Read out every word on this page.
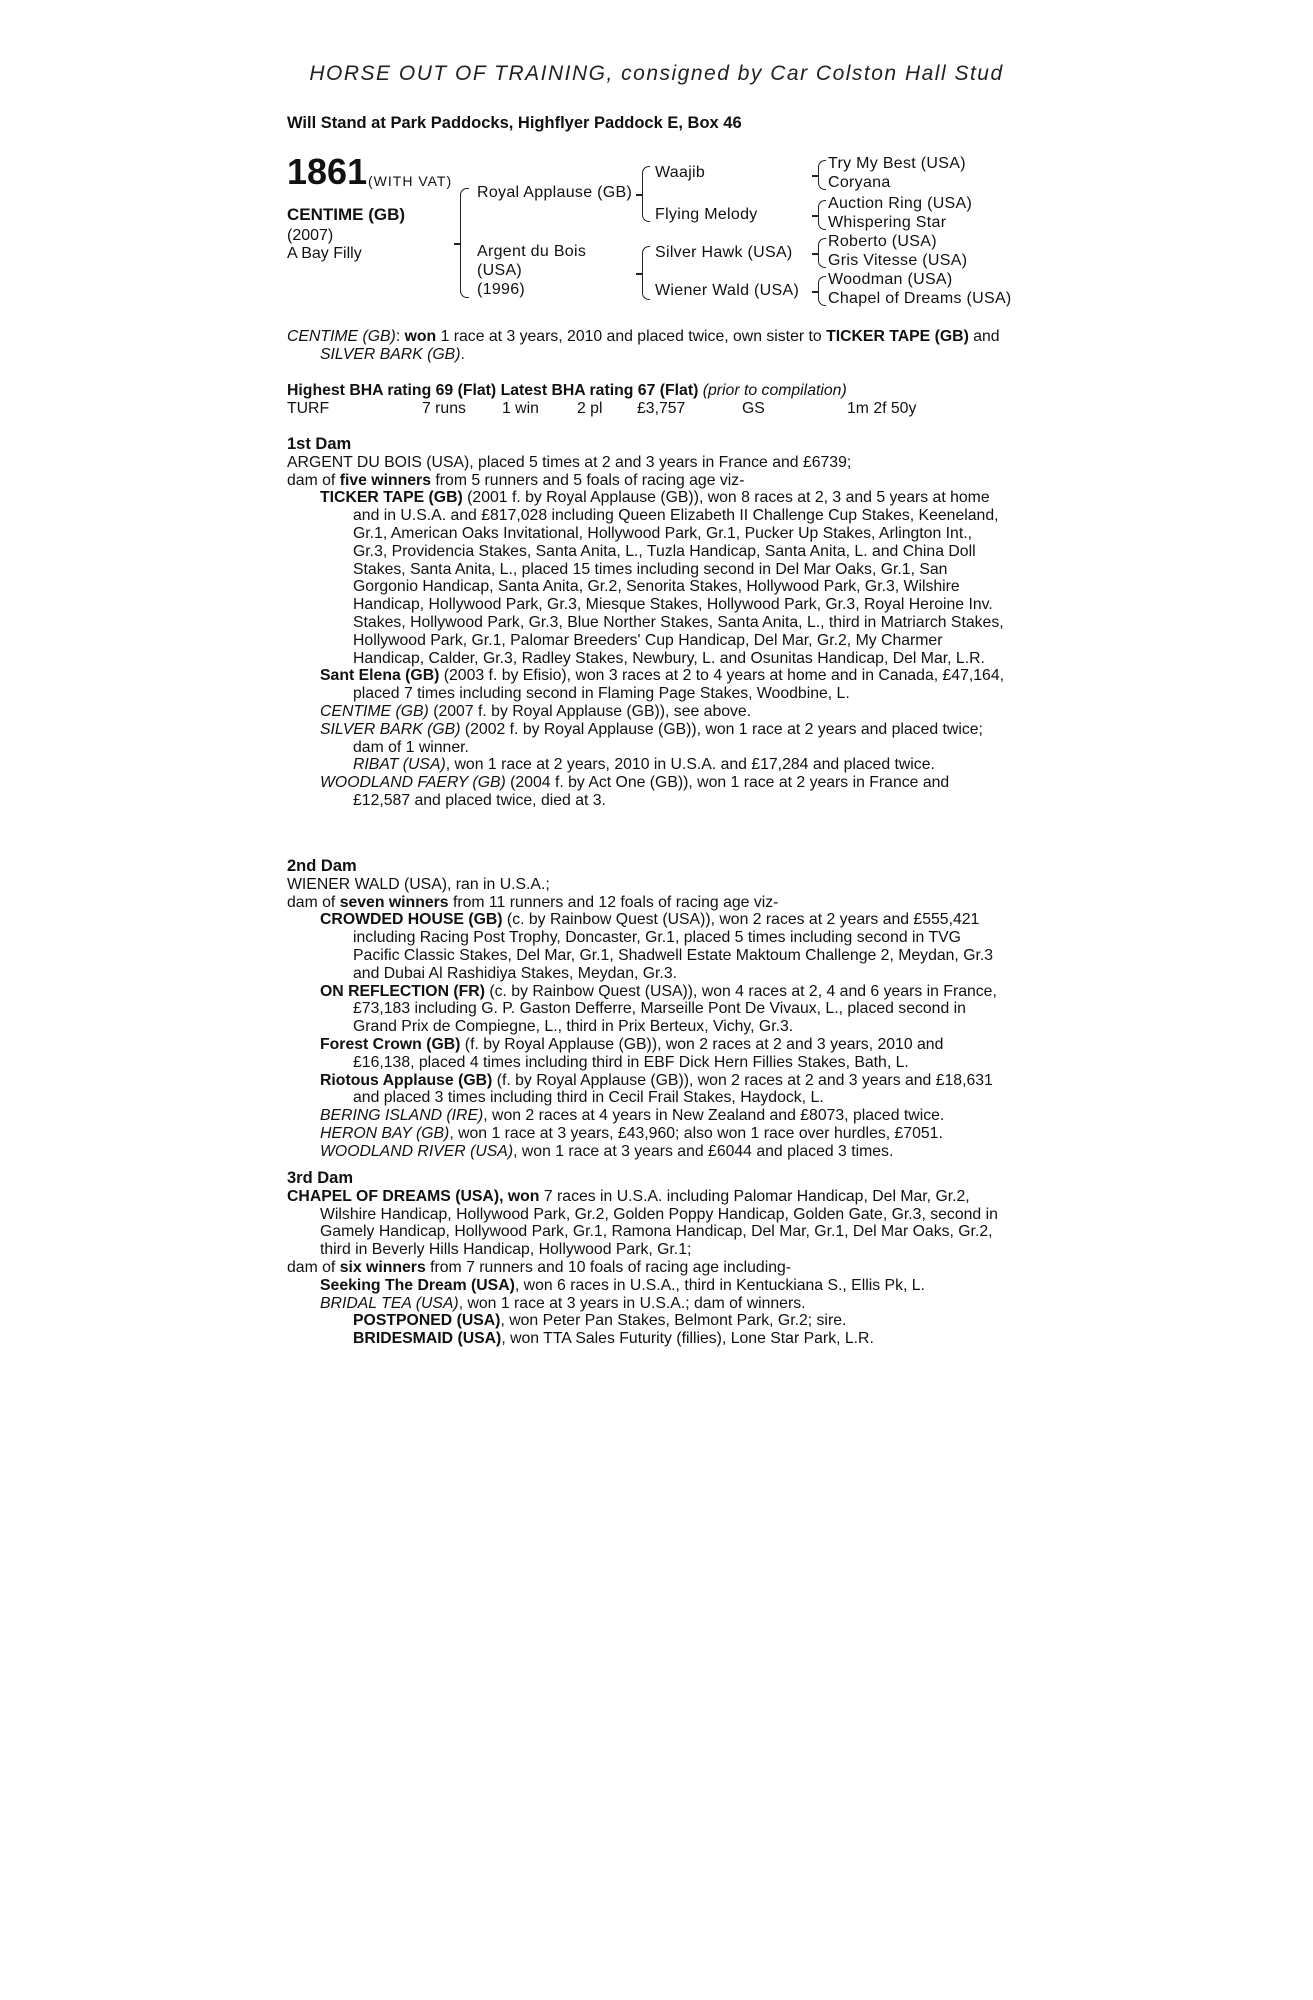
HORSE OUT OF TRAINING, consigned by Car Colston Hall Stud
Will Stand at Park Paddocks, Highflyer Paddock E, Box 46
1861 (WITH VAT)
CENTIME (GB)
(2007)
A Bay Filly
Royal Applause (GB)
Argent du Bois
(USA)
(1996)
Waajib
Flying Melody
Silver Hawk (USA)
Wiener Wald (USA)
Try My Best (USA)
Coryana
Auction Ring (USA)
Whispering Star
Roberto (USA)
Gris Vitesse (USA)
Woodman (USA)
Chapel of Dreams (USA)

CENTIME (GB): won 1 race at 3 years, 2010 and placed twice, own sister to TICKER TAPE (GB) and SILVER BARK (GB).

Highest BHA rating 69 (Flat) Latest BHA rating 67 (Flat) (prior to compilation)

TURF	7 runs	1 win	2 pl	£3,757	GS	1m 2f 50y

1st Dam

ARGENT DU BOIS (USA), placed 5 times at 2 and 3 years in France and £6739;

dam of five winners from 5 runners and 5 foals of racing age viz-

TICKER TAPE (GB) (2001 f. by Royal Applause (GB)), won 8 races at 2, 3 and 5 years at home and in U.S.A. and £817,028 including Queen Elizabeth II Challenge Cup Stakes, Keeneland, Gr.1, American Oaks Invitational, Hollywood Park, Gr.1, Pucker Up Stakes, Arlington Int., Gr.3, Providencia Stakes, Santa Anita, L., Tuzla Handicap, Santa Anita, L. and China Doll Stakes, Santa Anita, L., placed 15 times including second in Del Mar Oaks, Gr.1, San Gorgonio Handicap, Santa Anita, Gr.2, Senorita Stakes, Hollywood Park, Gr.3, Wilshire Handicap, Hollywood Park, Gr.3, Miesque Stakes, Hollywood Park, Gr.3, Royal Heroine Inv. Stakes, Hollywood Park, Gr.3, Blue Norther Stakes, Santa Anita, L., third in Matriarch Stakes, Hollywood Park, Gr.1, Palomar Breeders' Cup Handicap, Del Mar, Gr.2, My Charmer Handicap, Calder, Gr.3, Radley Stakes, Newbury, L. and Osunitas Handicap, Del Mar, L.R.

Sant Elena (GB) (2003 f. by Efisio), won 3 races at 2 to 4 years at home and in Canada, £47,164, placed 7 times including second in Flaming Page Stakes, Woodbine, L.

CENTIME (GB) (2007 f. by Royal Applause (GB)), see above.

SILVER BARK (GB) (2002 f. by Royal Applause (GB)), won 1 race at 2 years and placed twice; dam of 1 winner.

RIBAT (USA), won 1 race at 2 years, 2010 in U.S.A. and £17,284 and placed twice.

WOODLAND FAERY (GB) (2004 f. by Act One (GB)), won 1 race at 2 years in France and £12,587 and placed twice, died at 3.

2nd Dam

WIENER WALD (USA), ran in U.S.A.;

dam of seven winners from 11 runners and 12 foals of racing age viz-

CROWDED HOUSE (GB) (c. by Rainbow Quest (USA)), won 2 races at 2 years and £555,421 including Racing Post Trophy, Doncaster, Gr.1, placed 5 times including second in TVG Pacific Classic Stakes, Del Mar, Gr.1, Shadwell Estate Maktoum Challenge 2, Meydan, Gr.3 and Dubai Al Rashidiya Stakes, Meydan, Gr.3.

ON REFLECTION (FR) (c. by Rainbow Quest (USA)), won 4 races at 2, 4 and 6 years in France, £73,183 including G. P. Gaston Defferre, Marseille Pont De Vivaux, L., placed second in Grand Prix de Compiegne, L., third in Prix Berteux, Vichy, Gr.3.

Forest Crown (GB) (f. by Royal Applause (GB)), won 2 races at 2 and 3 years, 2010 and £16,138, placed 4 times including third in EBF Dick Hern Fillies Stakes, Bath, L.

Riotous Applause (GB) (f. by Royal Applause (GB)), won 2 races at 2 and 3 years and £18,631 and placed 3 times including third in Cecil Frail Stakes, Haydock, L.

BERING ISLAND (IRE), won 2 races at 4 years in New Zealand and £8073, placed twice.

HERON BAY (GB), won 1 race at 3 years, £43,960; also won 1 race over hurdles, £7051.

WOODLAND RIVER (USA), won 1 race at 3 years and £6044 and placed 3 times.

3rd Dam

CHAPEL OF DREAMS (USA), won 7 races in U.S.A. including Palomar Handicap, Del Mar, Gr.2, Wilshire Handicap, Hollywood Park, Gr.2, Golden Poppy Handicap, Golden Gate, Gr.3, second in Gamely Handicap, Hollywood Park, Gr.1, Ramona Handicap, Del Mar, Gr.1, Del Mar Oaks, Gr.2, third in Beverly Hills Handicap, Hollywood Park, Gr.1;

dam of six winners from 7 runners and 10 foals of racing age including-

Seeking The Dream (USA), won 6 races in U.S.A., third in Kentuckiana S., Ellis Pk, L.

BRIDAL TEA (USA), won 1 race at 3 years in U.S.A.; dam of winners.

POSTPONED (USA), won Peter Pan Stakes, Belmont Park, Gr.2; sire.

BRIDESMAID (USA), won TTA Sales Futurity (fillies), Lone Star Park, L.R.
